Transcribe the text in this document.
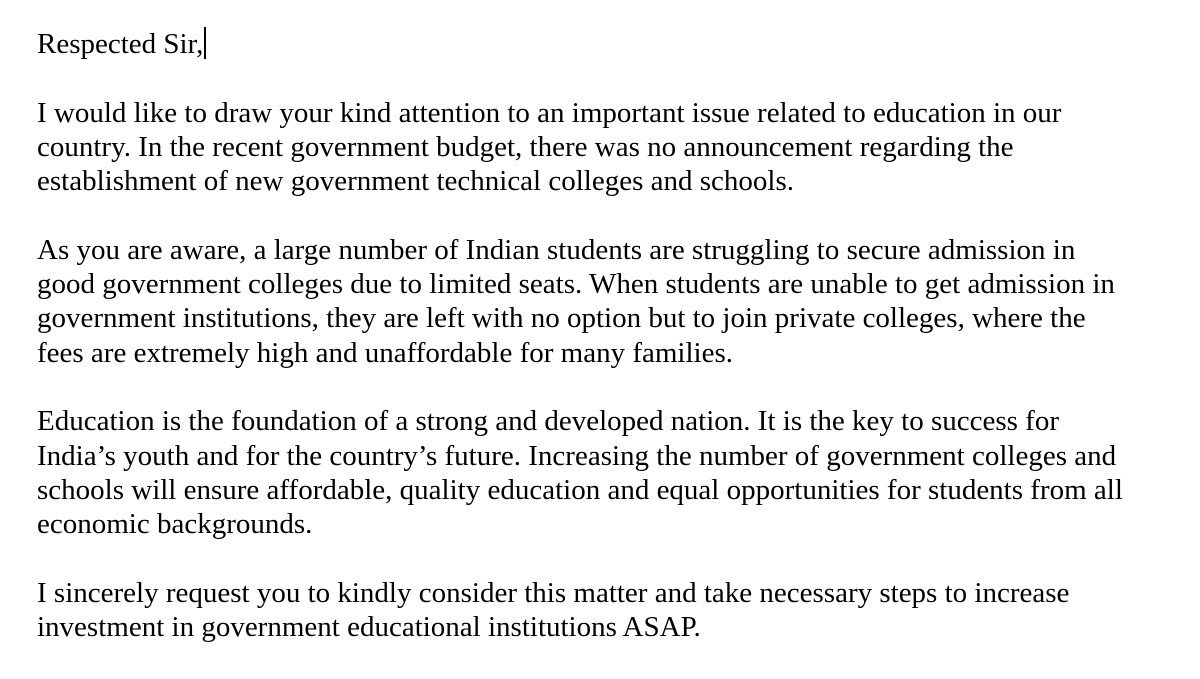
Respected Sir,

I would like to draw your kind attention to an important issue related to education in our
country. In the recent government budget, there was no announcement regarding the
establishment of new government technical colleges and schools.

As you are aware, a large number of Indian students are struggling to secure admission in
good government colleges due to limited seats. When students are unable to get admission in
government institutions, they are left with no option but to join private colleges, where the
fees are extremely high and unaffordable for many families.

Education is the foundation of a strong and developed nation. It is the key to success for
India’s youth and for the country’s future. Increasing the number of government colleges and
schools will ensure affordable, quality education and equal opportunities for students from all
economic backgrounds.

I sincerely request you to kindly consider this matter and take necessary steps to increase
investment in government educational institutions ASAP.
